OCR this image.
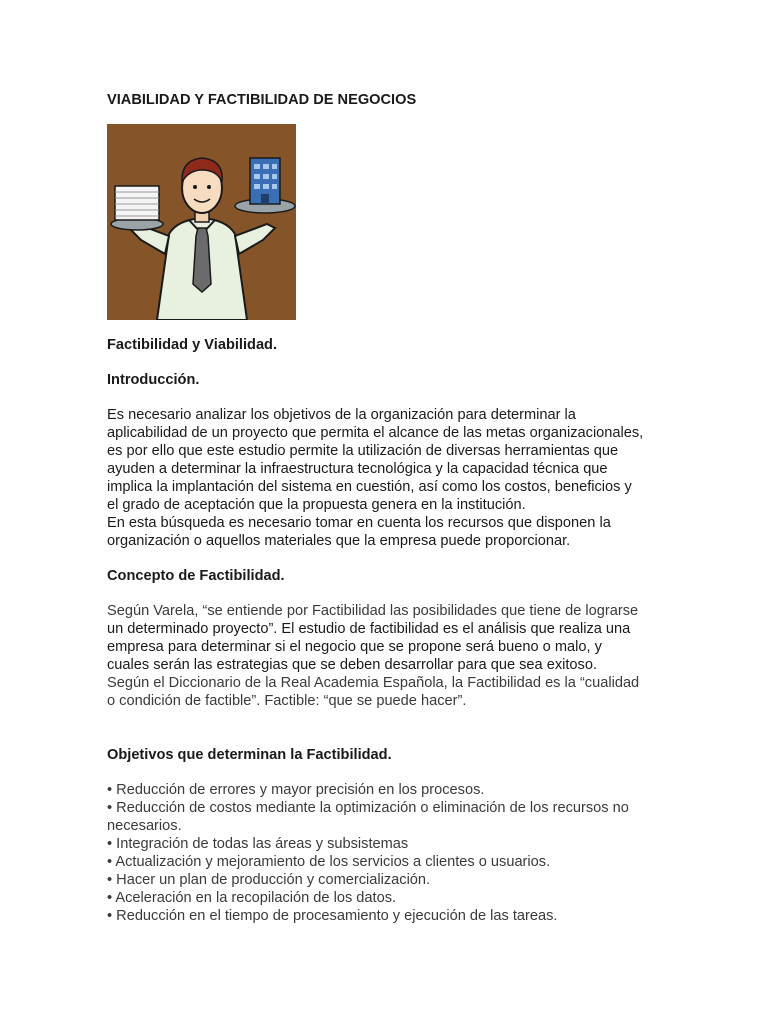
VIABILIDAD Y FACTIBILIDAD DE NEGOCIOS

Factibilidad y Viabilidad.

Introducción.

Es necesario analizar los objetivos de la organización para determinar la
aplicabilidad de un proyecto que permita el alcance de las metas organizacionales,
es por ello que este estudio permite la utilización de diversas herramientas que
ayuden a determinar la infraestructura tecnológica y la capacidad técnica que
implica la implantación del sistema en cuestión, así como los costos, beneficios y
el grado de aceptación que la propuesta genera en la institución.
En esta búsqueda es necesario tomar en cuenta los recursos que disponen la
organización o aquellos materiales que la empresa puede proporcionar.

Concepto de Factibilidad.

Según Varela, “se entiende por Factibilidad las posibilidades que tiene de lograrse
un determinado proyecto”. El estudio de factibilidad es el análisis que realiza una
empresa para determinar si el negocio que se propone será bueno o malo, y
cuales serán las estrategias que se deben desarrollar para que sea exitoso.
Según el Diccionario de la Real Academia Española, la Factibilidad es la “cualidad
o condición de factible”. Factible: “que se puede hacer”.

Objetivos que determinan la Factibilidad.

• Reducción de errores y mayor precisión en los procesos.
• Reducción de costos mediante la optimización o eliminación de los recursos no
necesarios.
• Integración de todas las áreas y subsistemas
• Actualización y mejoramiento de los servicios a clientes o usuarios.
• Hacer un plan de producción y comercialización.
• Aceleración en la recopilación de los datos.
• Reducción en el tiempo de procesamiento y ejecución de las tareas.
